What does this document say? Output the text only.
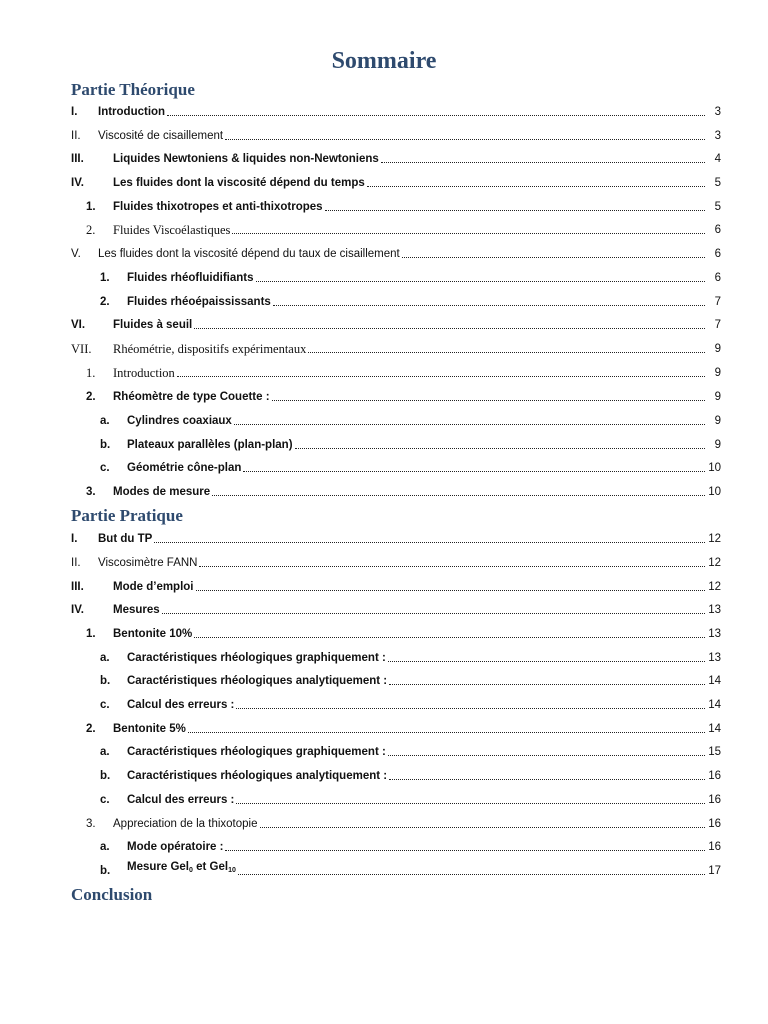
Sommaire
Partie Théorique
I.	Introduction	3
II.	Viscosité de cisaillement	3
III.	Liquides Newtoniens & liquides non-Newtoniens	4
IV.	Les fluides dont la viscosité dépend du temps	5
1.	Fluides thixotropes et anti-thixotropes	5
2.	Fluides Viscoélastiques	6
V.	Les fluides dont la viscosité dépend du taux de cisaillement	6
1.	Fluides rhéofluidifiants	6
2.	Fluides rhéoépaississants	7
VI.	Fluides à seuil	7
VII.	Rhéométrie, dispositifs expérimentaux	9
1.	Introduction	9
2.	Rhéomètre de type Couette :	9
a.	Cylindres coaxiaux	9
b.	Plateaux parallèles (plan-plan)	9
c.	Géométrie cône-plan	10
3.	Modes de mesure	10
Partie Pratique
I.	But du TP	12
II.	Viscosimètre FANN	12
III.	Mode d’emploi	12
IV.	Mesures	13
1.	Bentonite 10%	13
a.	Caractéristiques rhéologiques graphiquement :	13
b.	Caractéristiques rhéologiques analytiquement :	14
c.	Calcul des erreurs :	14
2.	Bentonite 5%	14
a.	Caractéristiques rhéologiques graphiquement :	15
b.	Caractéristiques rhéologiques analytiquement :	16
c.	Calcul des erreurs :	16
3.	Appreciation de la thixotopie	16
a.	Mode opératoire :	16
b.	Mesure Gel$_0$ et Gel$_{10}$	17
Conclusion
